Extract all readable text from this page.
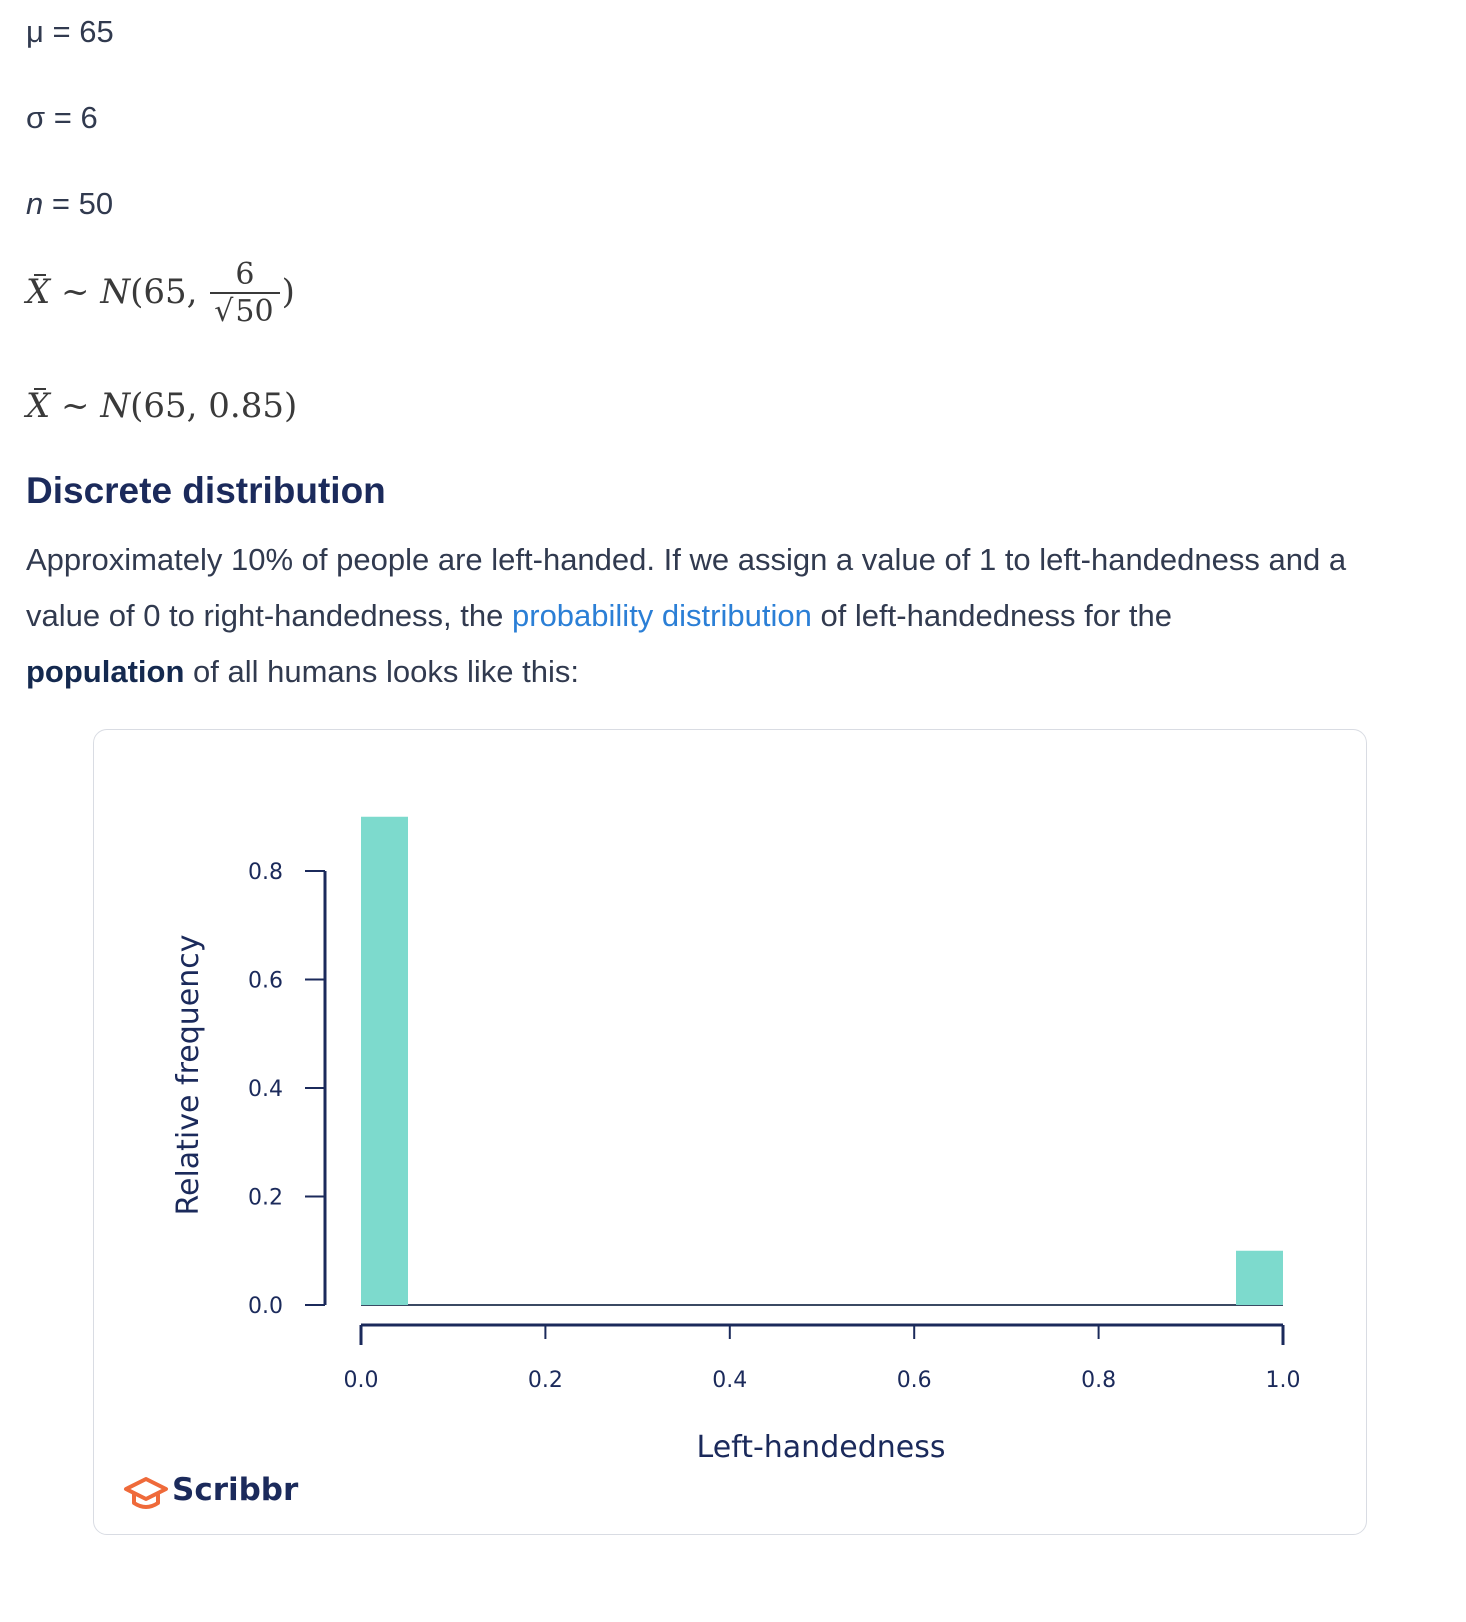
μ = 65
σ = 6
n = 50
X ~ N(65, $\frac{6}{√50}$ )
X ~ N(65, 0.85)
Discrete distribution
Approximately 10% of people are left-handed. If we assign a value of 1 to left-handedness and a
value of 0 to right-handedness, the probability distribution of left-handedness for the
population of all humans looks like this:
0.0
0.2
0.4
0.6
0.8
0.0	0.2	0.4	0.6	0.8	1.0
Relative frequency
Left-handedness
Scribbr
